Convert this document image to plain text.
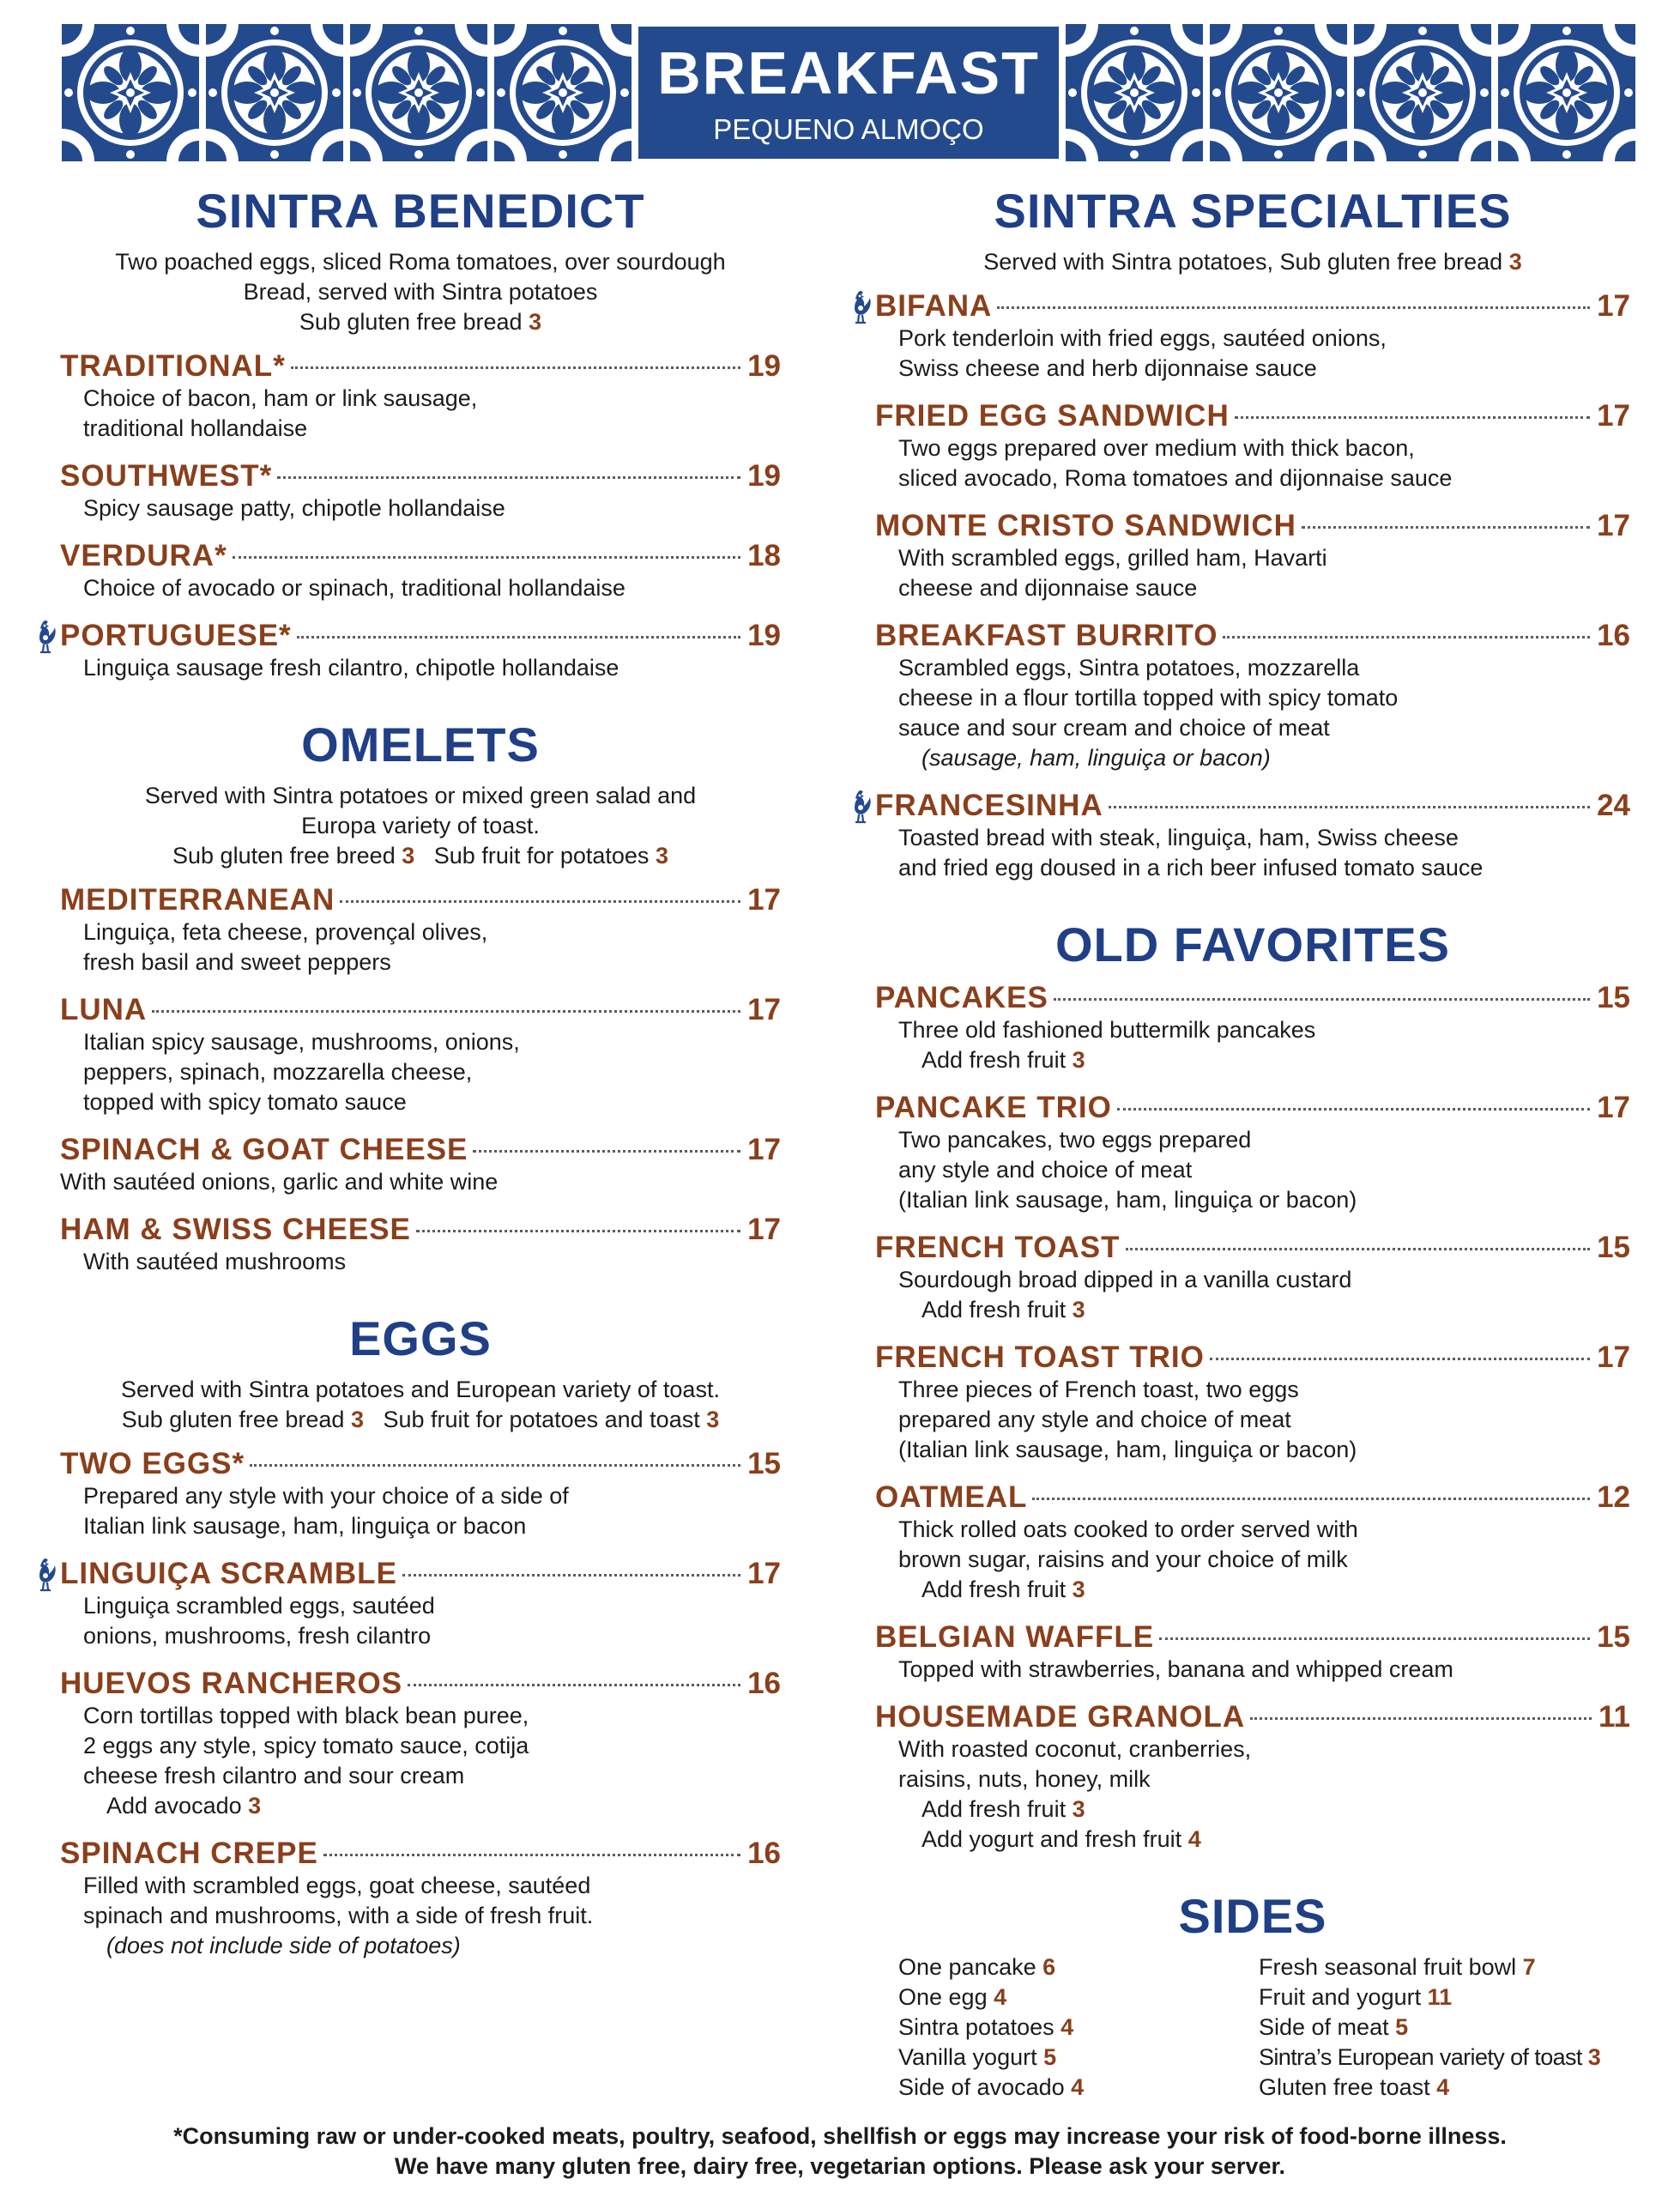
BREAKFAST
PEQUENO ALMOÇO
SINTRA BENEDICT
Two poached eggs, sliced Roma tomatoes, over sourdough
Bread, served with Sintra potatoes
Sub gluten free bread 3
TRADITIONAL*	19
Choice of bacon, ham or link sausage,
traditional hollandaise
SOUTHWEST*	19
Spicy sausage patty, chipotle hollandaise
VERDURA*	18
Choice of avocado or spinach, traditional hollandaise
PORTUGUESE*	19
Linguiça sausage fresh cilantro, chipotle hollandaise
OMELETS
Served with Sintra potatoes or mixed green salad and
Europa variety of toast.
Sub gluten free breed 3 Sub fruit for potatoes 3
MEDITERRANEAN	17
Linguiça, feta cheese, provençal olives,
fresh basil and sweet peppers
LUNA	17
Italian spicy sausage, mushrooms, onions,
peppers, spinach, mozzarella cheese,
topped with spicy tomato sauce
SPINACH & GOAT CHEESE	17
With sautéed onions, garlic and white wine
HAM & SWISS CHEESE	17
With sautéed mushrooms
EGGS
Served with Sintra potatoes and European variety of toast.
Sub gluten free bread 3 Sub fruit for potatoes and toast 3
TWO EGGS*	15
Prepared any style with your choice of a side of
Italian link sausage, ham, linguiça or bacon
LINGUIÇA SCRAMBLE	17
Linguiça scrambled eggs, sautéed
onions, mushrooms, fresh cilantro
HUEVOS RANCHEROS	16
Corn tortillas topped with black bean puree,
2 eggs any style, spicy tomato sauce, cotija
cheese fresh cilantro and sour cream
Add avocado 3
SPINACH CREPE	16
Filled with scrambled eggs, goat cheese, sautéed
spinach and mushrooms, with a side of fresh fruit.
(does not include side of potatoes)
SINTRA SPECIALTIES
Served with Sintra potatoes, Sub gluten free bread 3
BIFANA	17
Pork tenderloin with fried eggs, sautéed onions,
Swiss cheese and herb dijonnaise sauce
FRIED EGG SANDWICH	17
Two eggs prepared over medium with thick bacon,
sliced avocado, Roma tomatoes and dijonnaise sauce
MONTE CRISTO SANDWICH	17
With scrambled eggs, grilled ham, Havarti
cheese and dijonnaise sauce
BREAKFAST BURRITO	16
Scrambled eggs, Sintra potatoes, mozzarella
cheese in a flour tortilla topped with spicy tomato
sauce and sour cream and choice of meat
(sausage, ham, linguiça or bacon)
FRANCESINHA	24
Toasted bread with steak, linguiça, ham, Swiss cheese
and fried egg doused in a rich beer infused tomato sauce
OLD FAVORITES
PANCAKES	15
Three old fashioned buttermilk pancakes
Add fresh fruit 3
PANCAKE TRIO	17
Two pancakes, two eggs prepared
any style and choice of meat
(Italian link sausage, ham, linguiça or bacon)
FRENCH TOAST	15
Sourdough broad dipped in a vanilla custard
Add fresh fruit 3
FRENCH TOAST TRIO	17
Three pieces of French toast, two eggs
prepared any style and choice of meat
(Italian link sausage, ham, linguiça or bacon)
OATMEAL	12
Thick rolled oats cooked to order served with
brown sugar, raisins and your choice of milk
Add fresh fruit 3
BELGIAN WAFFLE	15
Topped with strawberries, banana and whipped cream
HOUSEMADE GRANOLA	11
With roasted coconut, cranberries,
raisins, nuts, honey, milk
Add fresh fruit 3
Add yogurt and fresh fruit 4
SIDES
One pancake 6
One egg 4
Sintra potatoes 4
Vanilla yogurt 5
Side of avocado 4
Fresh seasonal fruit bowl 7
Fruit and yogurt 11
Side of meat 5
Sintra’s European variety of toast 3
Gluten free toast 4
*Consuming raw or under-cooked meats, poultry, seafood, shellfish or eggs may increase your risk of food-borne illness.
We have many gluten free, dairy free, vegetarian options. Please ask your server.
